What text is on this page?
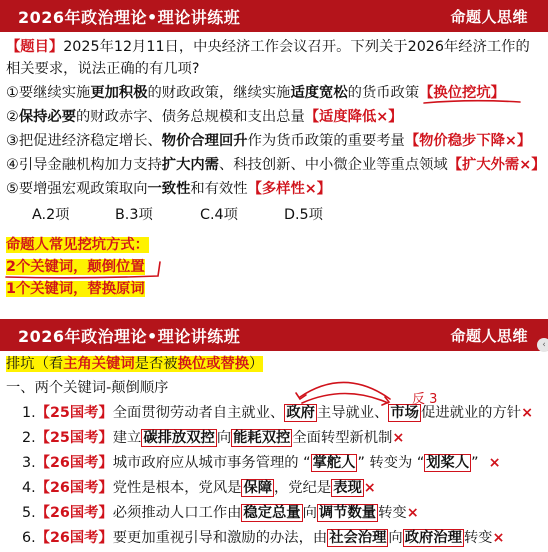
2026年政治理论•理论讲练班	命题人思维
【题目】2025年12月11日，中央经济工作会议召开。下列关于2026年经济工作的相关要求，说法正确的有几项?
①要继续实施更加积极的财政政策，继续实施适度宽松的货币政策【换位挖坑】
②保持必要的财政赤字、债务总规模和支出总量【适度降低×】
③把促进经济稳定增长、物价合理回升作为货币政策的重要考量【物价稳步下降×】
④引导金融机构加力支持扩大内需、科技创新、中小微企业等重点领域【扩大外需×】
⑤要增强宏观政策取向一致性和有效性【多样性×】
A.2项	B.3项	C.4项	D.5项
命题人常见挖坑方式：
2个关键词，颠倒位置
1个关键词，替换原词
2026年政治理论•理论讲练班	命题人思维
‹
排坑（看主角关键词是否被换位或替换）
一、两个关键词-颠倒顺序
反 3
1.【25国考】全面贯彻劳动者自主就业、 政府 主导就业、 市场 促进就业的方针×
2.【25国考】建立 碳排放双控 向 能耗双控 全面转型新机制×
3.【26国考】城市政府应从城市事务管理的 “ 掌舵人 ” 转变为 “ 划桨人 ” ×
4.【26国考】党性是根本，党风是 保障 ，党纪是 表现 ×
5.【26国考】必须推动人口工作由 稳定总量 向 调节数量 转变×
6.【26国考】要更加重视引导和激励的办法，由 社会治理 向 政府治理 转变×
